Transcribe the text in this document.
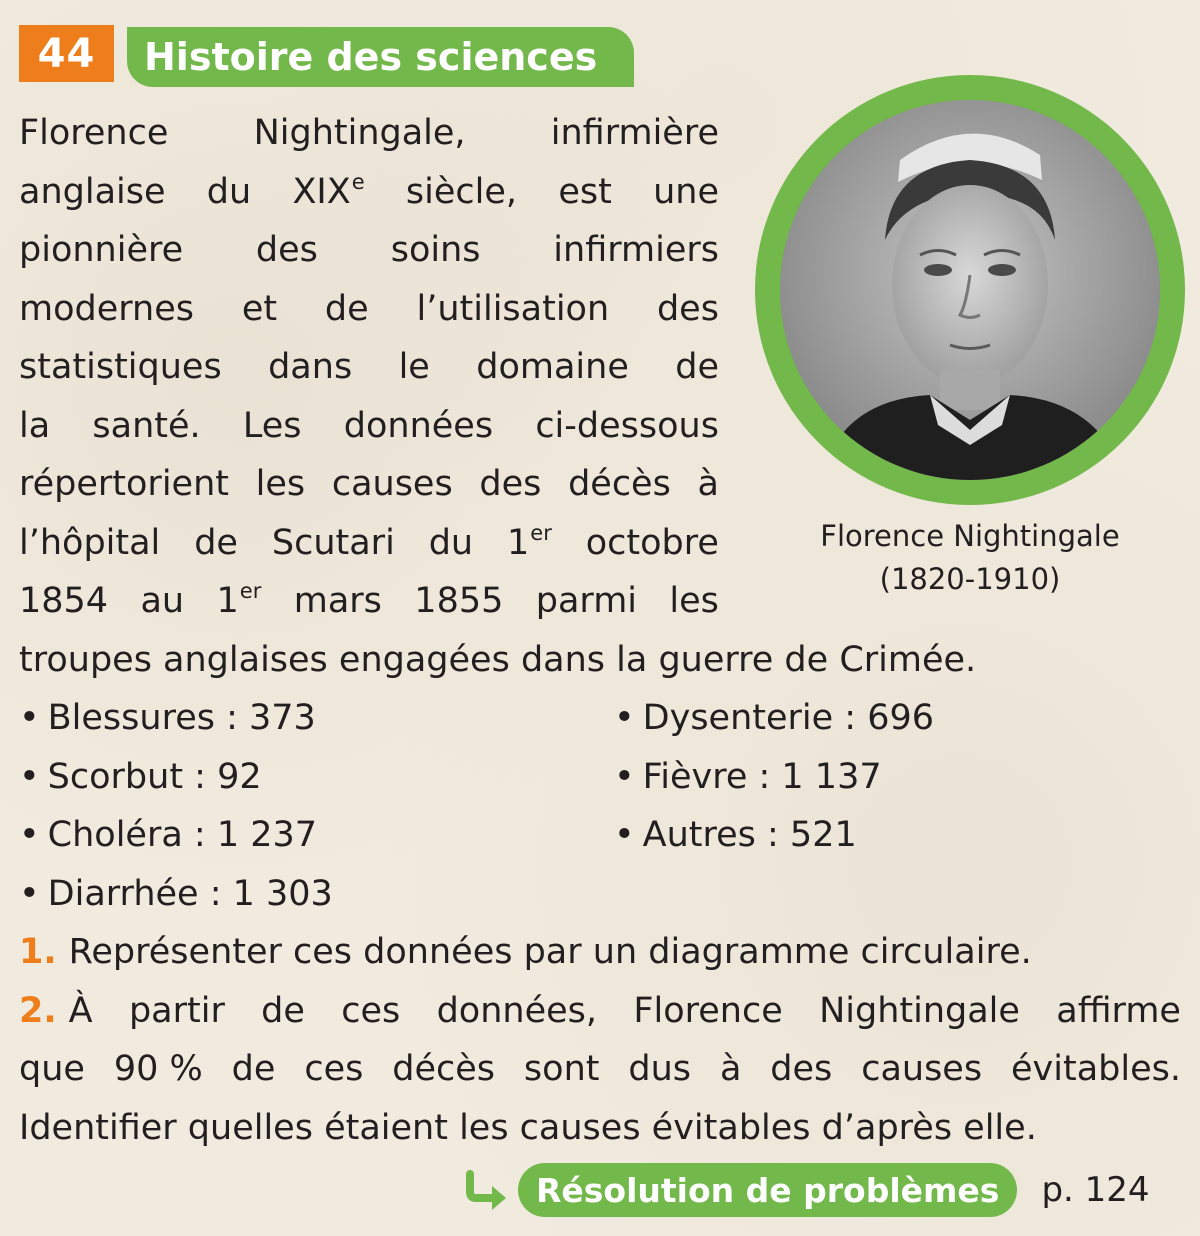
44	Histoire des sciences
Florence Nightingale, infirmière
anglaise du XIXe siècle, est une
pionnière des soins infirmiers
modernes et de l’utilisation des
statistiques dans le domaine de
la santé. Les données ci-dessous
répertorient les causes des décès à
l’hôpital de Scutari du 1er octobre
1854 au 1er mars 1855 parmi les
troupes anglaises engagées dans la guerre de Crimée.
Florence Nightingale
(1820-1910)
• Blessures : 373
• Scorbut : 92
• Choléra : 1 237
• Diarrhée : 1 303
• Dysenterie : 696
• Fièvre : 1 137
• Autres : 521
1. Représenter ces données par un diagramme circulaire.
2. À partir de ces données, Florence Nightingale affirme
que 90 % de ces décès sont dus à des causes évitables.
Identifier quelles étaient les causes évitables d’après elle.
Résolution de problèmes	p. 124
